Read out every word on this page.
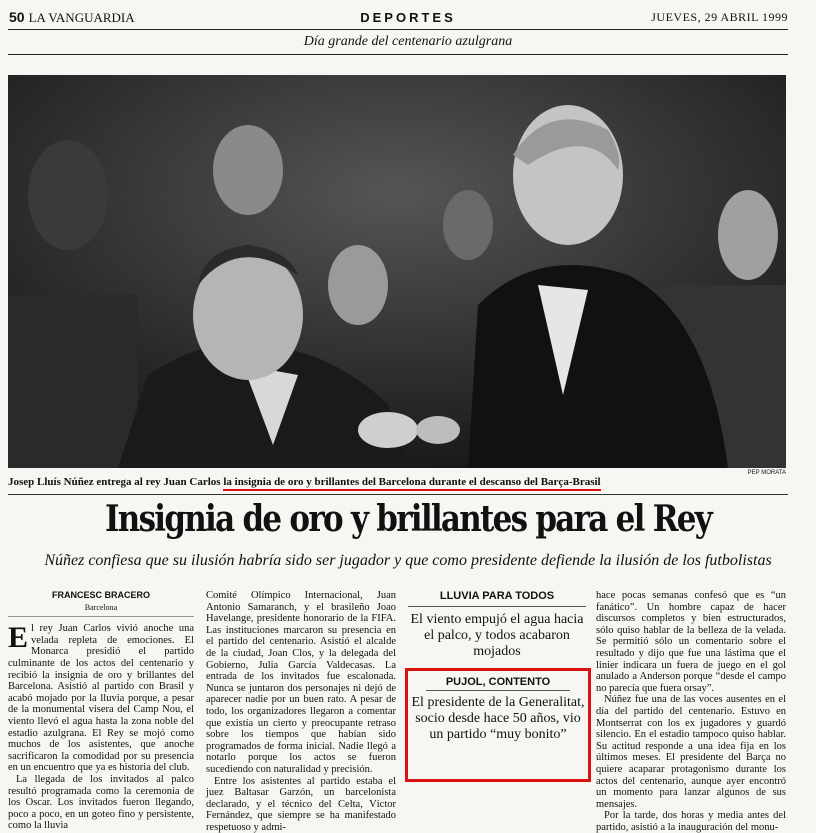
50 LA VANGUARDIA	DEPORTES	JUEVES, 29 ABRIL 1999
Día grande del centenario azulgrana
PEP MORATA
Josep Lluís Núñez entrega al rey Juan Carlos la insignia de oro y brillantes del Barcelona durante el descanso del Barça-Brasil
Insignia de oro y brillantes para el Rey
Núñez confiesa que su ilusión habría sido ser jugador y que como presidente defiende la ilusión de los futbolistas
FRANCESC BRACERO
Barcelona

El rey Juan Carlos vivió anoche una velada repleta de emociones. El Monarca presidió el partido culminante de los actos del centenario y recibió la insignia de oro y brillantes del Barcelona. Asistió al partido con Brasil y acabó mojado por la lluvia porque, a pesar de la monumental visera del Camp Nou, el viento llevó el agua hasta la zona noble del estadio azulgrana. El Rey se mojó como muchos de los asistentes, que anoche sacrificaron la comodidad por su presencia en un encuentro que ya es historia del club.

La llegada de los invitados al palco resultó programada como la ceremonia de los Oscar. Los invitados fueron llegando, poco a poco, en un goteo fino y persistente, como la lluvia

Comité Olímpico Internacional, Juan Antonio Samaranch, y el brasileño Joao Havelange, presidente honorario de la FIFA. Las instituciones marcaron su presencia en el partido del centenario. Asistió el alcalde de la ciudad, Joan Clos, y la delegada del Gobierno, Julia García Valdecasas. La entrada de los invitados fue escalonada. Nunca se juntaron dos personajes ni dejó de aparecer nadie por un buen rato. A pesar de todo, los organizadores llegaron a comentar que existía un cierto y preocupante retraso sobre los tiempos que habían sido programados de forma inicial. Nadie llegó a notarlo porque los actos se fueron sucediendo con naturalidad y precisión.

Entre los asistentes al partido estaba el juez Baltasar Garzón, un barcelonista declarado, y el técnico del Celta, Víctor Fernández, que siempre se ha manifestado respetuoso y admi-

LLUVIA PARA TODOS
El viento empujó el agua hacia el palco, y todos acabaron mojados
PUJOL, CONTENTO
El presidente de la Generalitat, socio desde hace 50 años, vio un partido “muy bonito”

hace pocas semanas confesó que es “un fanático”. Un hombre capaz de hacer discursos completos y bien estructurados, sólo quiso hablar de la belleza de la velada. Se permitió sólo un comentario sobre el resultado y dijo que fue una lástima que el linier indicara un fuera de juego en el gol anulado a Anderson porque “desde el campo no parecía que fuera orsay”.

Núñez fue una de las voces ausentes en el día del partido del centenario. Estuvo en Montserrat con los ex jugadores y guardó silencio. En el estadio tampoco quiso hablar. Su actitud responde a una idea fija en los últimos meses. El presidente del Barça no quiere acaparar protagonismo durante los actos del centenario, aunque ayer encontró un momento para lanzar algunos de sus mensajes.

Por la tarde, dos horas y media antes del partido, asistió a la inauguración del monu-
